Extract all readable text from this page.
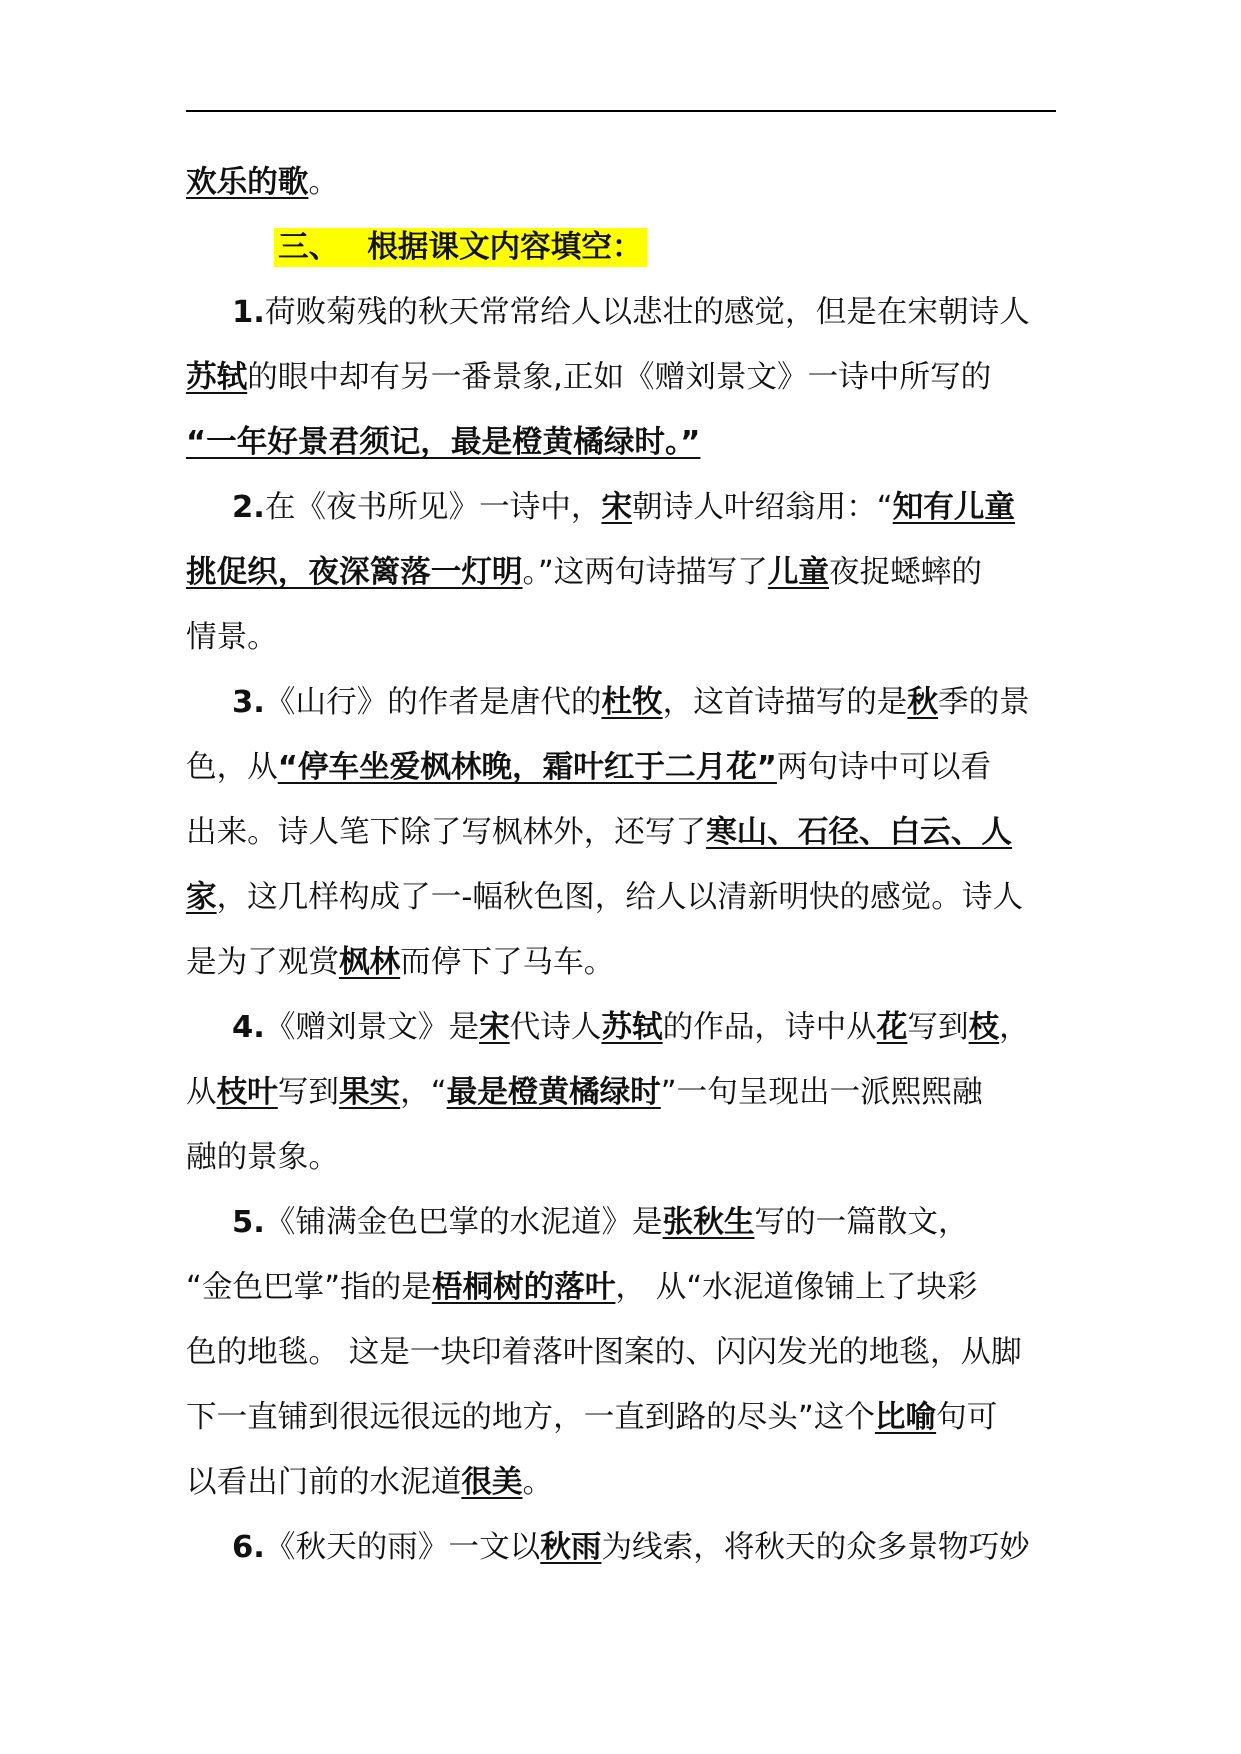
欢乐的歌。
三、 根据课文内容填空：
1.荷败菊残的秋天常常给人以悲壮的感觉，但是在宋朝诗人
苏轼的眼中却有另一番景象,正如《赠刘景文》一诗中所写的
“一年好景君须记，最是橙黄橘绿时。”
2.在《夜书所见》一诗中，宋朝诗人叶绍翁用：“知有儿童
挑促织，夜深篱落一灯明。”这两句诗描写了儿童夜捉蟋蟀的
情景。
3.《山行》的作者是唐代的杜牧，这首诗描写的是秋季的景
色，从“停车坐爱枫林晚，霜叶红于二月花”两句诗中可以看
出来。诗人笔下除了写枫林外，还写了寒山、石径、白云、人
家，这几样构成了一-幅秋色图，给人以清新明快的感觉。诗人
是为了观赏枫林而停下了马车。
4.《赠刘景文》是宋代诗人苏轼的作品，诗中从花写到枝，
从枝叶写到果实，“最是橙黄橘绿时”一句呈现出一派熙熙融
融的景象。
5.《铺满金色巴掌的水泥道》是张秋生写的一篇散文，
“金色巴掌”指的是梧桐树的落叶， 从“水泥道像铺上了块彩
色的地毯。 这是一块印着落叶图案的、闪闪发光的地毯，从脚
下一直铺到很远很远的地方，一直到路的尽头”这个比喻句可
以看出门前的水泥道很美。
6.《秋天的雨》一文以秋雨为线索，将秋天的众多景物巧妙
